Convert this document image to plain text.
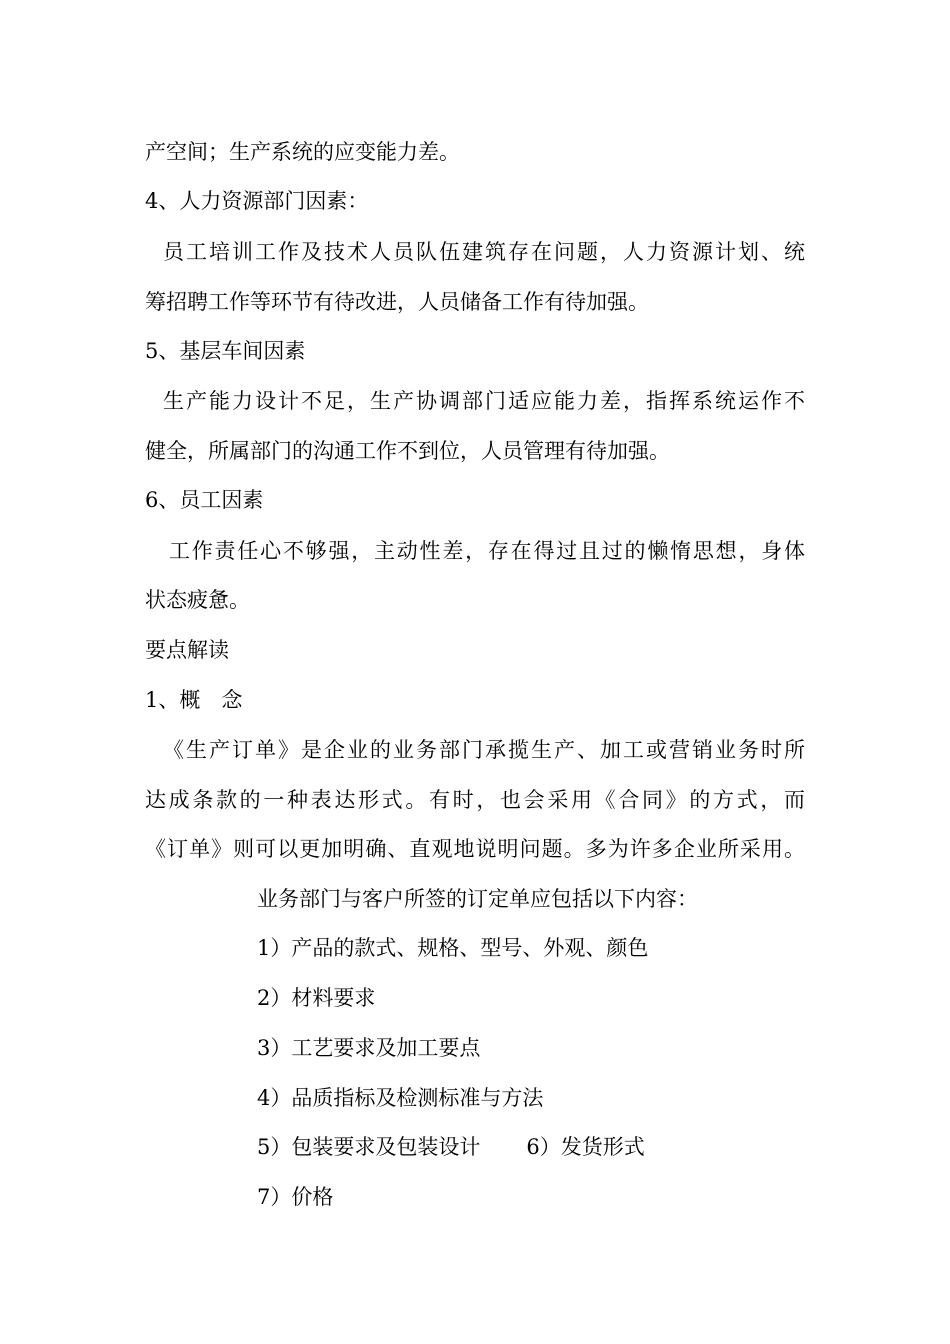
产空间；生产系统的应变能力差。
4、人力资源部门因素：
员工培训工作及技术人员队伍建筑存在问题，人力资源计划、统
筹招聘工作等环节有待改进，人员储备工作有待加强。
5、基层车间因素
生产能力设计不足，生产协调部门适应能力差，指挥系统运作不
健全，所属部门的沟通工作不到位，人员管理有待加强。
6、员工因素
工作责任心不够强，主动性差，存在得过且过的懒惰思想，身体
状态疲惫。
要点解读
1、概　念
《生产订单》是企业的业务部门承揽生产、加工或营销业务时所
达成条款的一种表达形式。有时，也会采用《合同》的方式，而
《订单》则可以更加明确、直观地说明问题。多为许多企业所采用。
业务部门与客户所签的订定单应包括以下内容：
1）产品的款式、规格、型号、外观、颜色
2）材料要求
3）工艺要求及加工要点
4）品质指标及检测标准与方法
5）包装要求及包装设计 6）发货形式
7）价格
